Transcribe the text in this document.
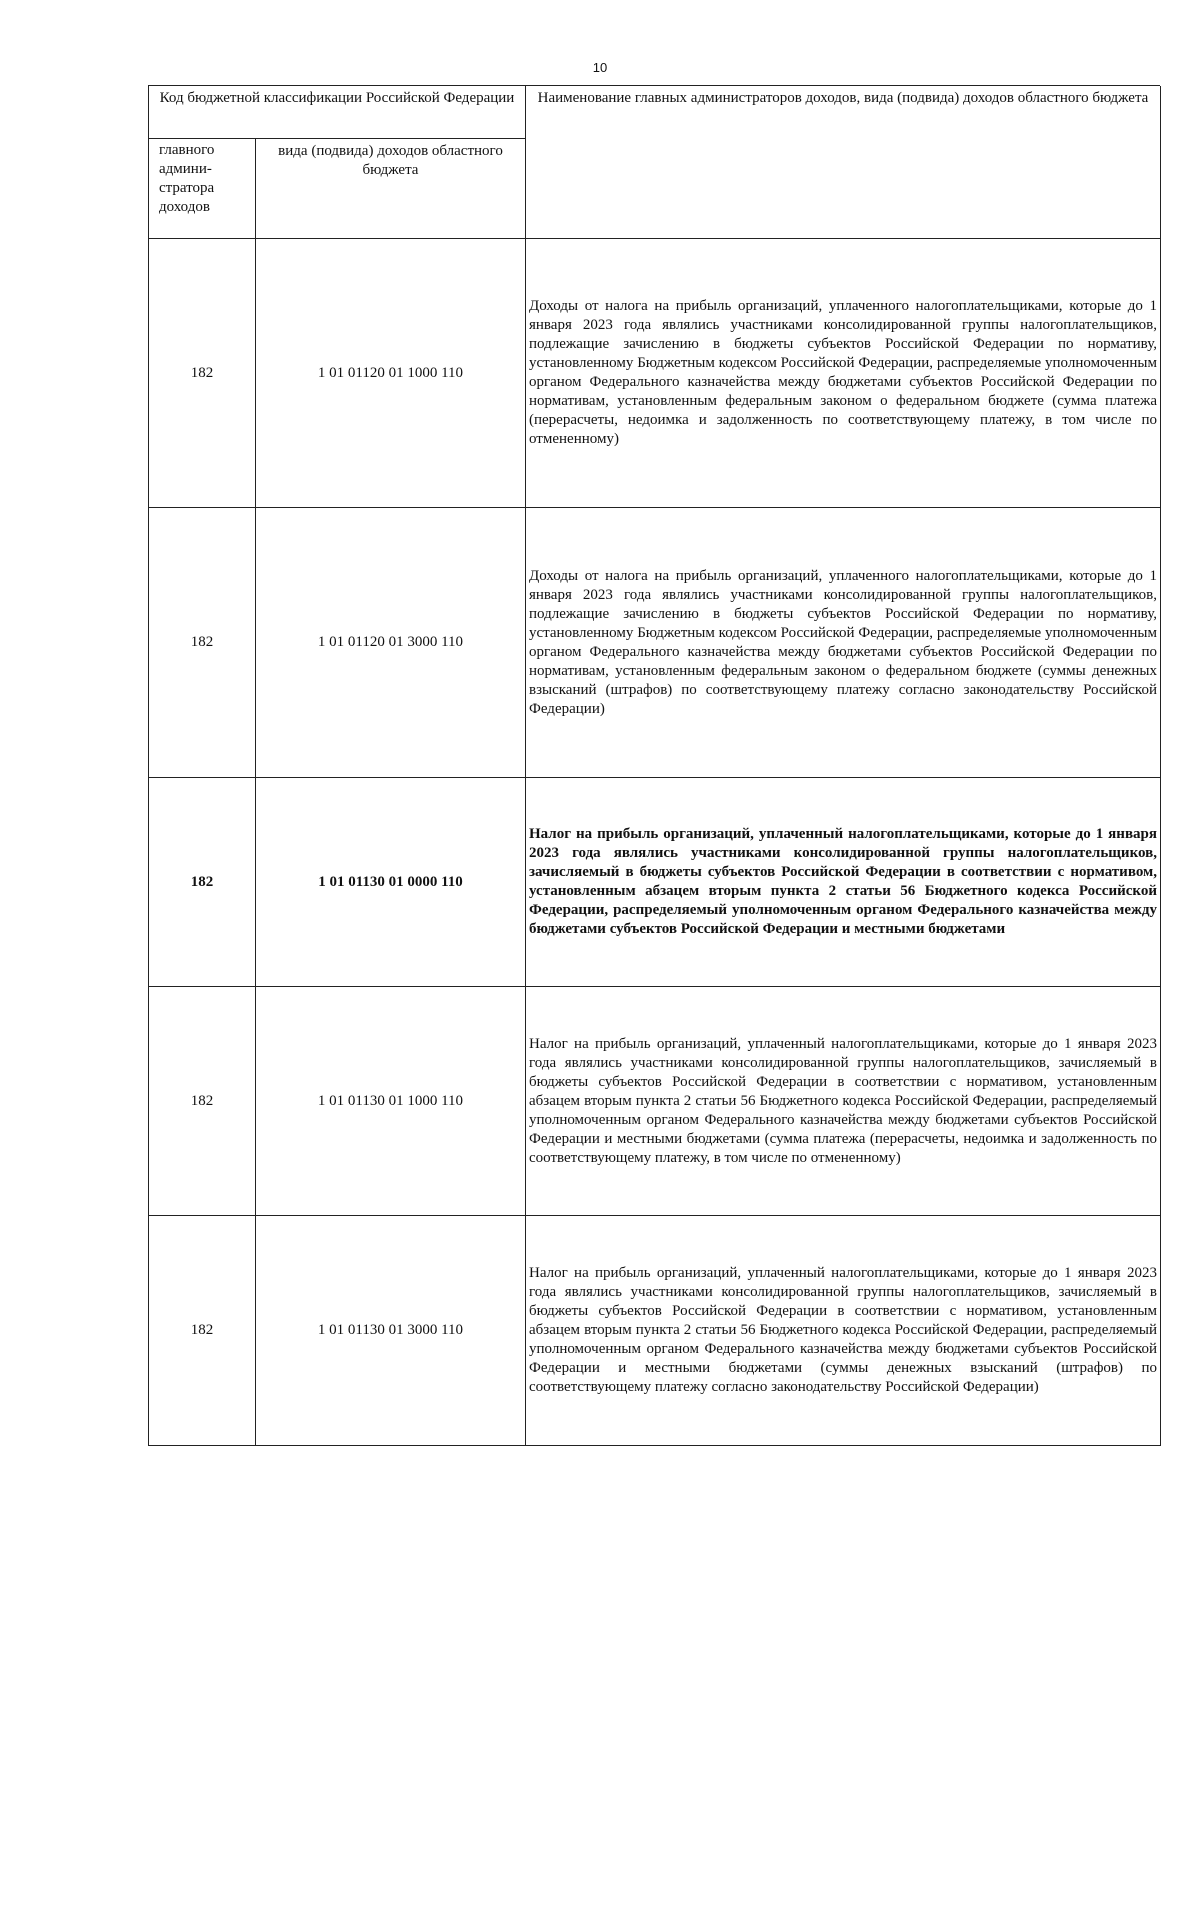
10
Код бюджетной классификации Российской Федерации	Наименование главных администраторов доходов, вида (подвида) доходов областного бюджета
главного админи-стратора доходов
вида (подвида) доходов областного бюджета
182	1 01 01120 01 1000 110
Доходы от налога на прибыль организаций, уплаченного налогоплательщиками, которые до 1 января 2023 года являлись участниками консолидированной группы налогоплательщиков, подлежащие зачислению в бюджеты субъектов Российской Федерации по нормативу, установленному Бюджетным кодексом Российской Федерации, распределяемые уполномоченным органом Федерального казначейства между бюджетами субъектов Российской Федерации по нормативам, установленным федеральным законом о федеральном бюджете (сумма платежа (перерасчеты, недоимка и задолженность по соответствующему платежу, в том числе по отмененному)
182	1 01 01120 01 3000 110
Доходы от налога на прибыль организаций, уплаченного налогоплательщиками, которые до 1 января 2023 года являлись участниками консолидированной группы налогоплательщиков, подлежащие зачислению в бюджеты субъектов Российской Федерации по нормативу, установленному Бюджетным кодексом Российской Федерации, распределяемые уполномоченным органом Федерального казначейства между бюджетами субъектов Российской Федерации по нормативам, установленным федеральным законом о федеральном бюджете (суммы денежных взысканий (штрафов) по соответствующему платежу согласно законодательству Российской Федерации)
182	1 01 01130 01 0000 110
Налог на прибыль организаций, уплаченный налогоплательщиками, которые до 1 января 2023 года являлись участниками консолидированной группы налогоплательщиков, зачисляемый в бюджеты субъектов Российской Федерации в соответствии с нормативом, установленным абзацем вторым пункта 2 статьи 56 Бюджетного кодекса Российской Федерации, распределяемый уполномоченным органом Федерального казначейства между бюджетами субъектов Российской Федерации и местными бюджетами
182	1 01 01130 01 1000 110
Налог на прибыль организаций, уплаченный налогоплательщиками, которые до 1 января 2023 года являлись участниками консолидированной группы налогоплательщиков, зачисляемый в бюджеты субъектов Российской Федерации в соответствии с нормативом, установленным абзацем вторым пункта 2 статьи 56 Бюджетного кодекса Российской Федерации, распределяемый уполномоченным органом Федерального казначейства между бюджетами субъектов Российской Федерации и местными бюджетами (сумма платежа (перерасчеты, недоимка и задолженность по соответствующему платежу, в том числе по отмененному)
182	1 01 01130 01 3000 110
Налог на прибыль организаций, уплаченный налогоплательщиками, которые до 1 января 2023 года являлись участниками консолидированной группы налогоплательщиков, зачисляемый в бюджеты субъектов Российской Федерации в соответствии с нормативом, установленным абзацем вторым пункта 2 статьи 56 Бюджетного кодекса Российской Федерации, распределяемый уполномоченным органом Федерального казначейства между бюджетами субъектов Российской Федерации и местными бюджетами (суммы денежных взысканий (штрафов) по соответствующему платежу согласно законодательству Российской Федерации)
